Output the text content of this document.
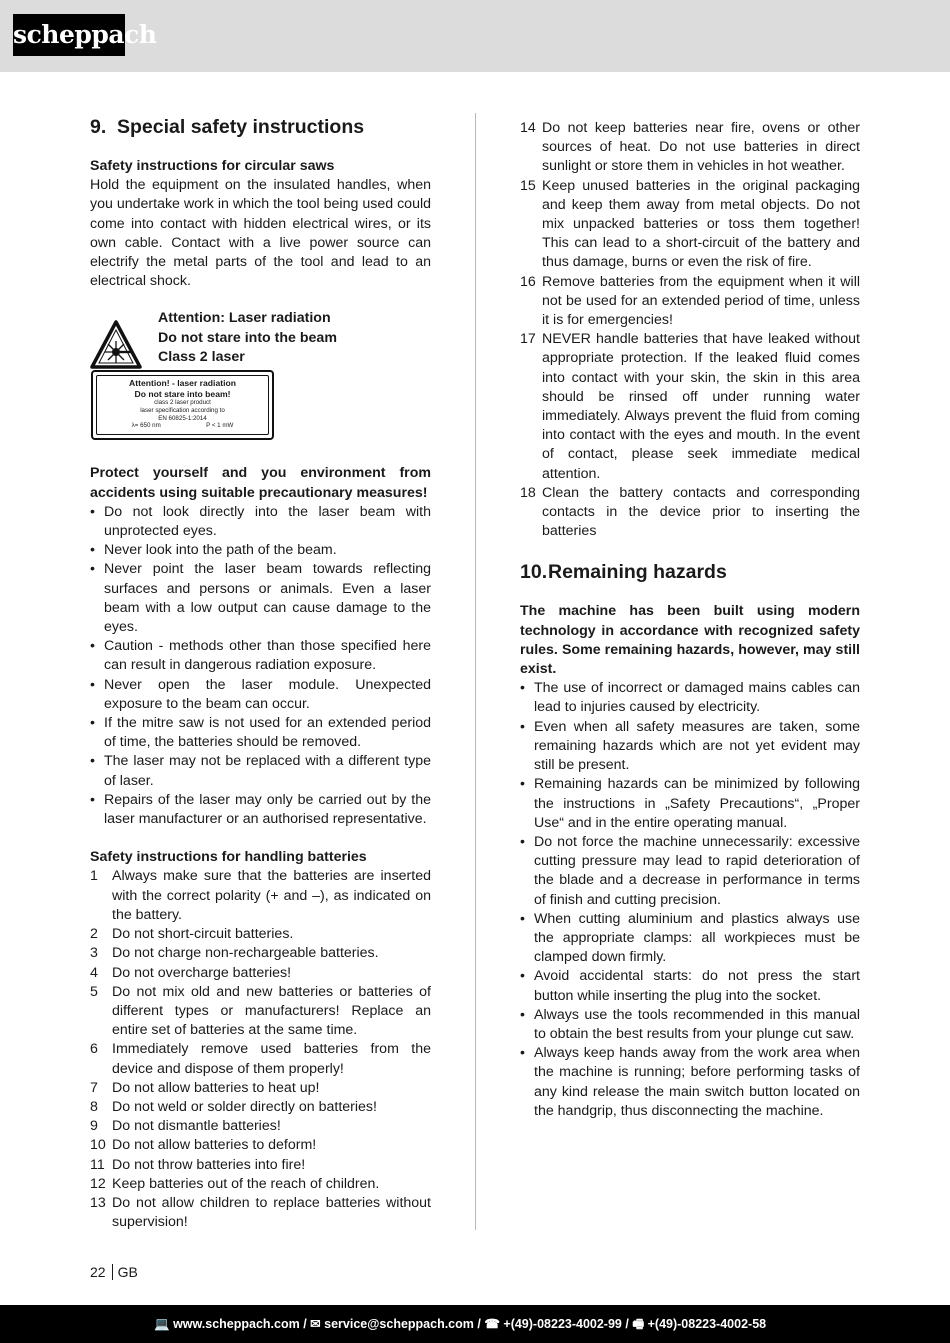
scheppach
9. Special safety instructions
Safety instructions for circular saws

Hold the equipment on the insulated handles, when you undertake work in which the tool being used could come into contact with hidden electrical wires, or its own cable. Contact with a live power source can electrify the metal parts of the tool and lead to an electrical shock.

Attention: Laser radiation
Do not stare into the beam
Class 2 laser
Attention! - laser radiation
Do not stare into beam!
class 2 laser product
laser specification according to
EN 60825-1:2014
λ= 650 nm	P < 1 mW

Protect yourself and you environment from accidents using suitable precautionary measures!

• Do not look directly into the laser beam with unprotected eyes.
• Never look into the path of the beam.
• Never point the laser beam towards reflecting surfaces and persons or animals. Even a laser beam with a low output can cause damage to the eyes.
• Caution - methods other than those specified here can result in dangerous radiation exposure.
• Never open the laser module. Unexpected exposure to the beam can occur.
• If the mitre saw is not used for an extended period of time, the batteries should be removed.
• The laser may not be replaced with a different type of laser.
• Repairs of the laser may only be carried out by the laser manufacturer or an authorised representative.
Safety instructions for handling batteries
1 Always make sure that the batteries are inserted with the correct polarity (+ and –), as indicated on the battery.
2 Do not short-circuit batteries.
3 Do not charge non-rechargeable batteries.
4 Do not overcharge batteries!
5 Do not mix old and new batteries or batteries of different types or manufacturers! Replace an entire set of batteries at the same time.
6 Immediately remove used batteries from the device and dispose of them properly!
7 Do not allow batteries to heat up!
8 Do not weld or solder directly on batteries!
9 Do not dismantle batteries!
10 Do not allow batteries to deform!
11 Do not throw batteries into fire!
12 Keep batteries out of the reach of children.
13 Do not allow children to replace batteries without supervision!
14 Do not keep batteries near fire, ovens or other sources of heat. Do not use batteries in direct sunlight or store them in vehicles in hot weather.
15 Keep unused batteries in the original packaging and keep them away from metal objects. Do not mix unpacked batteries or toss them together! This can lead to a short-circuit of the battery and thus damage, burns or even the risk of fire.
16 Remove batteries from the equipment when it will not be used for an extended period of time, unless it is for emergencies!
17 NEVER handle batteries that have leaked without appropriate protection. If the leaked fluid comes into contact with your skin, the skin in this area should be rinsed off under running water immediately. Always prevent the fluid from coming into contact with the eyes and mouth. In the event of contact, please seek immediate medical attention.
18 Clean the battery contacts and corresponding contacts in the device prior to inserting the batteries
10.Remaining hazards

The machine has been built using modern technology in accordance with recognized safety rules. Some remaining hazards, however, may still exist.

• The use of incorrect or damaged mains cables can lead to injuries caused by electricity.
• Even when all safety measures are taken, some remaining hazards which are not yet evident may still be present.
• Remaining hazards can be minimized by following the instructions in „Safety Precautions“, „Proper Use“ and in the entire operating manual.
• Do not force the machine unnecessarily: excessive cutting pressure may lead to rapid deterioration of the blade and a decrease in performance in terms of finish and cutting precision.
• When cutting aluminium and plastics always use the appropriate clamps: all workpieces must be clamped down firmly.
• Avoid accidental starts: do not press the start button while inserting the plug into the socket.
• Always use the tools recommended in this manual to obtain the best results from your plunge cut saw.
• Always keep hands away from the work area when the machine is running; before performing tasks of any kind release the main switch button located on the handgrip, thus disconnecting the machine.
22 GB
💻 www.scheppach.com / ✉ service@scheppach.com / ☎ +(49)-08223-4002-99 / 🖷 +(49)-08223-4002-58
